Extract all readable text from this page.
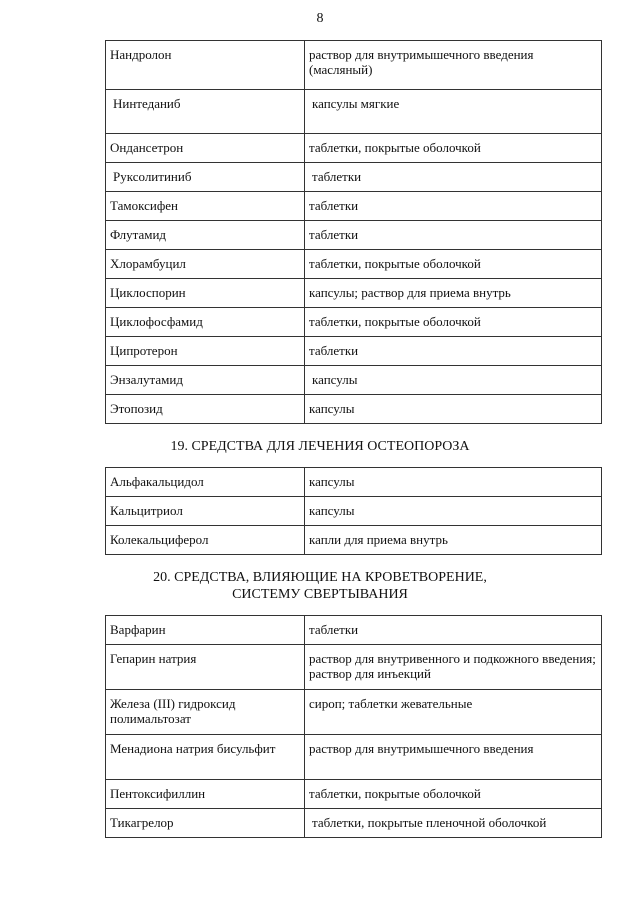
8
Нандролон	раствор для внутримышечного введения (масляный)
Нинтеданиб	капсулы мягкие
Ондансетрон	таблетки, покрытые оболочкой
Руксолитиниб	таблетки
Тамоксифен	таблетки
Флутамид	таблетки
Хлорамбуцил	таблетки, покрытые оболочкой
Циклоспорин	капсулы; раствор для приема внутрь
Циклофосфамид	таблетки, покрытые оболочкой
Ципротерон	таблетки
Энзалутамид	капсулы
Этопозид	капсулы
19. СРЕДСТВА ДЛЯ ЛЕЧЕНИЯ ОСТЕОПОРОЗА
Альфакальцидол	капсулы
Кальцитриол	капсулы
Колекальциферол	капли для приема внутрь
20. СРЕДСТВА, ВЛИЯЮЩИЕ НА КРОВЕТВОРЕНИЕ,
СИСТЕМУ СВЕРТЫВАНИЯ
Варфарин	таблетки
Гепарин натрия	раствор для внутривенного и подкожного введения; раствор для инъекций
Железа (III) гидроксид полимальтозат	сироп; таблетки жевательные
Менадиона натрия бисульфит	раствор для внутримышечного введения
Пентоксифиллин	таблетки, покрытые оболочкой
Тикагрелор	таблетки, покрытые пленочной оболочкой
